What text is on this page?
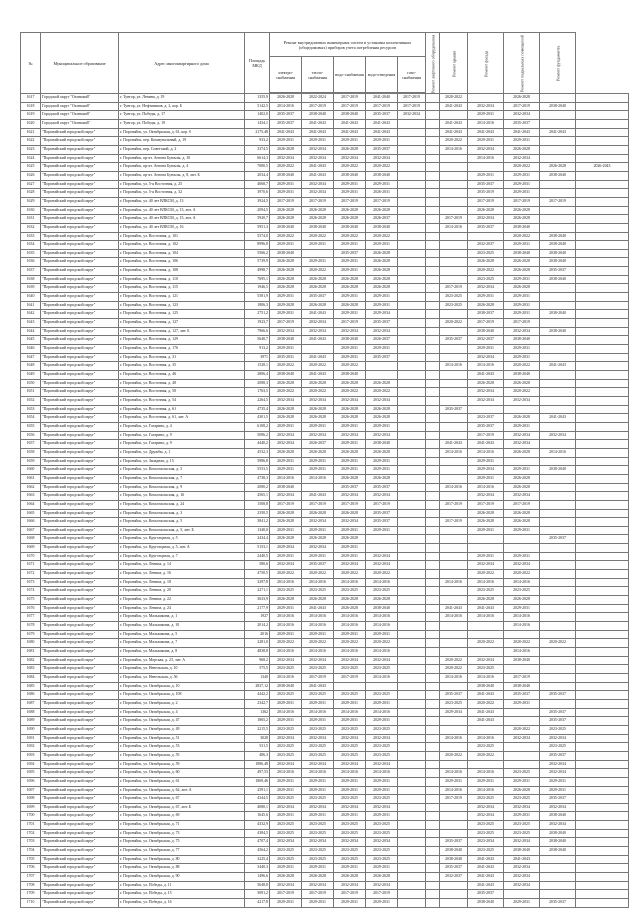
№	Муниципальное образование	Адрес многоквартирного дома	Площадь МКД	Ремонт внутридомовых инженерных систем и установка коллективных (общедомовых) приборов учета потребления ресурсов					Ремонт лифтового оборудования	Ремонт крыши	Ремонт фасада	Ремонт подвальных помещений	Ремонт фундамента	
				электро-снабжения	тепло-снабжения	водо-снабжения	водо-отведения	газо-снабжения						

1617	Городской округ "Охинский"	г. Тунгор, ул. Ленина, д. 19	1355,9	2026-2028	2022-2024	2017-2019	2041-2040	2017-2019		2020-2022		2026-2028		
1618	Городской округ "Охинский"	г. Тунгор, ул. Нефтяников, д. 2, кор. Б	5142,5	2014-2016	2017-2019	2017-2019	2017-2019	2017-2019		2041-2043	2032-2034	2017-2019	2038-2040	
1619	Городской округ "Охинский"	г. Тунгор, ул. Победы, д. 17	1402,0	2035-2037	2038-2040	2038-2040	2035-2037	2032-2034			2029-2031	2032-2034		
1620	Городской округ "Охинский"	г. Тунгор, ул. Победы, д. 19	1434,1	2035-2037	2041-2043	2041-2043	2041-2043			2041-2043	2014-2016	2035-2037		
1621	"Поронайский городской округ"	г. Поронайск, ул. Октябрьская, д. 61, кор. б	2175,48	2041-2043	2041-2043	2041-2043	2041-2043			2041-2043	2041-2043	2041-2043	2041-2043	
1622	"Поронайский городской округ"	г. Поронайск, пер. Коммунальный, д. 19	933,2	2029-2031	2029-2031	2029-2031	2029-2031			2020-2022	2029-2031	2029-2031		
1623	"Поронайский городской округ"	г. Поронайск, пер. Советский, д. 2	3374,5	2026-2028	2032-2034	2026-2028	2035-2037			2014-2016	2032-2034	2026-2028		
1624	"Поронайский городской округ"	г. Поронайск, пр-кт. Антона Буюклы, д. 10	6614,3	2032-2034	2032-2034	2032-2034	2032-2034				2014-2016	2032-2034		
1625	"Поронайский городской округ"	г. Поронайск, пр-кт. Антона Буюклы, д. 4	7080,5	2020-2022	2041-2043	2020-2022	2020-2022					2020-2022	2026-2028	2026-2043
1626	"Поронайский городской округ"	г. Поронайск, пр-кт. Антона Буюклы, д. 8, лит. Б	2034,4	2038-2040	2041-2043	2038-2040	2038-2040				2029-2031	2029-2031	2038-2040	
1627	"Поронайский городской округ"	г. Поронайск, ул. 5-я Восточная, д. 25	4068,7	2029-2031	2032-2034	2029-2031	2029-2031				2035-2037	2029-2031		
1628	"Поронайский городской округ"	г. Поронайск, ул. 5-я Восточная, д. 32	3970,6	2029-2031	2032-2034	2029-2031	2026-2031				2035-2019	2029-2031		
1629	"Поронайский городской округ"	г. Поронайск, ул. 40 лет ВЛКСМ, д. 13	3924,5	2017-2019	2017-2019	2017-2019	2017-2019				2017-2019	2017-2019	2017-2019	
1630	"Поронайский городской округ"	г. Поронайск, ул. 40 лет ВЛКСМ, д. 13, лит. А	2094,5	2026-2028	2026-2028	2026-2028	2026-2028				2026-2028	2026-2028		
1631	"Поронайский городской округ"	г. Поронайск, ул. 40 лет ВЛКСМ, д. 15, лит. А	5920,7	2026-2028	2026-2028	2026-2028	2026-2037			2017-2019	2032-2034	2026-2028		
1632	"Поронайский городской округ"	г. Поронайск, ул. 40 лет ВЛКСМ, д. 16	5951,3	2038-2040	2038-2040	2038-2040	2038-2040			2014-2016	2035-2037	2038-2040		
1633	"Поронайский городской округ"	г. Поронайск, ул. Восточная, д. 101	5574,0	2020-2022	2020-2022	2020-2022	2020-2022					2020-2022	2038-2040	
1634	"Поронайский городской округ"	г. Поронайск, ул. Восточная, д. 102	8996,8	2029-2031	2029-2031	2029-2031	2029-2031				2032-2037	2029-2031	2038-2040	
1635	"Поронайский городской округ"	г. Поронайск, ул. Восточная, д. 104	5566,2	2038-2040		2035-2037	2026-2028				2023-2025	2038-2040	2038-2040	
1636	"Поронайский городской округ"	г. Поронайск, ул. Восточная, д. 106	5739,9	2026-2028	2029-2031	2029-2031	2026-2028				2026-2028	2026-2028	2038-2040	
1637	"Поронайский городской округ"	г. Поронайск, ул. Восточная, д. 108	4998,7	2026-2028	2020-2022	2029-2031	2026-2028				2020-2022	2026-2028	2035-2037	
1638	"Поронайский городской округ"	г. Поронайск, ул. Восточная, д. 110	7695,1	2026-2028	2026-2028	2026-2028	2026-2028				2023-2025	2029-2031	2038-2040	
1639	"Поронайский городской округ"	г. Поронайск, ул. Восточная, д. 115	1946,5	2026-2028	2026-2028	2026-2028	2026-2028			2017-2019	2032-2034	2026-2028		
1640	"Поронайский городской округ"	г. Поронайск, ул. Восточная, д. 121	5581,9	2029-2031	2035-2037	2029-2031	2029-2031			2023-2025	2029-2031	2029-2031		
1641	"Поронайский городской округ"	г. Поронайск, ул. Восточная, д. 123	1806,3	2029-2028	2026-2028	2026-2028	2029-2031			2023-2025	2026-2028	2029-2031		
1642	"Поронайский городской округ"	г. Поронайск, ул. Восточная, д. 125	2751,2	2029-2031	2041-2043	2029-2031	2029-2034				2038-2037	2029-2031	2038-2040	
1643	"Поронайский городской округ"	г. Поронайск, ул. Восточная, д. 127	1923,7	2017-2019	2032-2034	2017-2019	2035-2037			2020-2022	2017-2019	2017-2019		
1644	"Поронайский городской округ"	г. Поронайск, ул. Восточная, д. 127, лит. Б	7966,6	2032-2034	2032-2034	2032-2034	2032-2034				2038-2040	2032-2034	2038-2040	
1645	"Поронайский городской округ"	г. Поронайск, ул. Восточная, д. 129	5640,7	2038-2040	2041-2043	2038-2040	2026-2037			2035-2037	2032-2037	2038-2040		
1646	"Поронайский городской округ"	г. Поронайск, ул. Восточная, д. 176	913,2	2029-2031		2029-2031	2029-2031				2029-2031	2029-2031		
1647	"Поронайский городской округ"	г. Поронайск, ул. Восточная, д. 31	3971	2035-2031	2041-2043	2029-2031	2035-2037				2032-2034	2029-2031		
1648	"Поронайский городской округ"	г. Поронайск, ул. Восточная, д. 35	1528,1	2020-2022	2020-2022	2020-2022				2014-2016	2014-2016	2020-2022	2041-2043	
1649	"Поронайский городской округ"	г. Поронайск, ул. Восточная, д. 46	2806,4	2038-2040	2041-2043	2038-2040					2041-2043	2038-2040		
1650	"Поронайский городской округ"	г. Поронайск, ул. Восточная, д. 48	2088,3	2026-2028	2026-2028	2026-2028	2026-2028				2026-2028	2026-2028		
1651	"Поронайский городской округ"	г. Поронайск, ул. Восточная, д. 50	1763,5	2020-2022	2020-2022	2020-2022	2020-2022				2032-2034	2020-2022		
1652	"Поронайский городской округ"	г. Поронайск, ул. Восточная, д. 54	2264,5	2032-2034	2032-2034	2032-2034	2032-2034				2032-2034	2032-2034		
1653	"Поронайский городской округ"	г. Поронайск, ул. Восточная, д. 61	4735,4	2026-2028	2026-2028	2026-2028	2026-2028			2035-2037				
1654	"Поронайский городской округ"	г. Поронайск, ул. Восточная, д. 61, лит. А	4301,5	2026-2028	2026-2028	2026-2028	2026-2028				2023-2037	2026-2028	2041-2043	
1655	"Поронайский городской округ"	г. Поронайск, ул. Гагарина, д. 4	6108,2	2029-2031	2029-2031	2029-2031	2029-2031				2035-2037	2029-2031		
1656	"Поронайский городской округ"	г. Поронайск, ул. Гагарина, д. 9	5086,2	2032-2034	2032-2034	2032-2034	2032-2034				2017-2019	2032-2034	2032-2034	
1657	"Поронайский городской округ"	г. Поронайск, ул. Гагарина, д. 9	4440,2	2032-2034	2026-2037	2029-2031	2038-2040			2041-2043	2041-2043	2032-2034		
1658	"Поронайский городской округ"	г. Поронайск, ул. Дружбы, д. 1	4532,3	2026-2028	2026-2028	2026-2028	2026-2028			2014-2016	2014-2016	2026-2028	2014-2016	
1659	"Поронайский городской округ"	г. Поронайск, ул. Западная, д. 15	5986,8	2029-2031	2029-2031	2029-2031	2029-2031				2029-2031			
1660	"Поронайский городской округ"	г. Поронайск, ул. Комсомольская, д. 5	5553,5	2029-2031	2029-2031	2029-2031	2029-2031				2029-2034	2029-2031	2038-2040	
1661	"Поронайский городской округ"	г. Поронайск, ул. Комсомольская, д. 7	4738,3	2014-2016	2014-2016	2026-2028	2026-2028				2029-2031	2026-2028		
1662	"Поронайский городской округ"	г. Поронайск, ул. Комсомольская, д. 9	2080,2	2038-2040		2035-2037	2035-2037			2014-2016	2014-2016	2026-2028		
1663	"Поронайский городской округ"	г. Поронайск, ул. Комсомольская, д. 16	4565,1	2032-2034	2041-2043	2032-2034	2032-2034				2032-2034	2032-2034		
1664	"Поронайский городской округ"	г. Поронайск, ул. Комсомольская, д. 24	1508,8	2017-2019	2017-2019	2017-2019	2017-2019			2017-2019	2017-2019	2017-2019		
1665	"Поронайский городской округ"	г. Поронайск, ул. Комсомольская, д. 3	2350,5	2026-2028	2026-2028	2026-2028	2035-2037				2026-2028	2026-2028		
1666	"Поронайский городской округ"	г. Поронайск, ул. Комсомольская, д. 5	3841,2	2026-2028	2032-2034	2032-2034	2035-2037			2017-2019	2026-2028	2026-2028		
1667	"Поронайский городской округ"	г. Поронайск, ул. Комсомольская, д. 5, лит. Б	1340,0	2029-2031	2029-2031	2029-2031	2029-2031				2029-2031	2029-2031		
1668	"Поронайский городской округ"	г. Поронайск, ул. Кругозорная, д. 5	2434,4	2026-2028	2026-2028	2026-2028							2035-2037	
1669	"Поронайский городской округ"	г. Поронайск, ул. Кругозорная, д. 5, лит. А	5153,1	2029-2034	2032-2034	2029-2031								
1670	"Поронайский городской округ"	г. Поронайск, ул. Кругозорная, д. 7	2440,5	2029-2031	2029-2031	2029-2031	2032-2034				2029-2031	2029-2031		
1671	"Поронайский городской округ"	г. Поронайск, ул. Ленина, д. 14	580,6	2032-2034	2035-2037	2032-2034	2032-2034				2032-2034	2032-2034		
1672	"Поронайский городской округ"	г. Поронайск, ул. Ленина, д. 16	4750,5	2020-2022	2020-2022	2020-2022	2020-2022				2020-2022	2020-2022		
1673	"Поронайский городской округ"	г. Поронайск, ул. Ленина, д. 18	3297,8	2014-2016	2014-2016	2014-2016	2014-2016			2014-2016	2014-2016	2014-2016		
1674	"Поронайский городской округ"	г. Поронайск, ул. Ленина, д. 20	2271,1	2023-2025	2023-2025	2023-2025	2023-2025				2023-2025	2023-2025		
1675	"Поронайский городской округ"	г. Поронайск, ул. Ленина, д. 22	3633,9	2026-2028	2026-2028	2026-2028	2026-2028				2026-2028	2026-2028		
1676	"Поронайский городской округ"	г. Поронайск, ул. Ленина, д. 24	2177,9	2029-2031	2041-2043	2026-2028	2038-2040			2041-2043	2041-2043	2029-2031		
1677	"Поронайский городской округ"	г. Поронайск, ул. Малышкина, д. 1	1927	2014-2016	2014-2016	2014-2016	2014-2016			2014-2016	2014-2016	2014-2016		
1678	"Поронайский городской округ"	г. Поронайск, ул. Малышкина, д. 10	2014,2	2014-2016	2014-2016	2014-2016	2014-2016					2014-2016		
1679	"Поронайский городской округ"	г. Поронайск, ул. Малышкина, д. 5	2016	2029-2031	2029-2031	2029-2031	2029-2031							
1680	"Поронайский городской округ"	г. Поронайск, ул. Малышкина, д. 7	2281,0	2020-2022	2020-2022	2020-2022	2020-2022				2020-2022	2020-2022	2020-2022	
1681	"Поронайский городской округ"	г. Поронайск, ул. Малышкина, д. 8	4838,8	2014-2016	2014-2016	2014-2016	2014-2016					2014-2016		
1682	"Поронайский городской округ"	г. Поронайск, ул. Морская, д. 23, лит. А	968,2	2032-2034	2032-2034	2032-2034	2032-2034			2020-2022	2032-2034	2038-2040		
1683	"Поронайский городской округ"	г. Поронайск, ул. Невельская, д. 10	575,5	2023-2025	2023-2025	2023-2025	2023-2025			2020-2022	2023-2025			
1684	"Поронайский городской округ"	г. Поронайск, ул. Невельская, д. 56	1340	2014-2016	2017-2019	2017-2019	2014-2016			2014-2016	2014-2016	2017-2019		
1685	"Поронайский городской округ"	г. Поронайск, ул. Октябрьская, д. 10	2837,12	2038-2040	2041-2043						2038-2040	2038-2040		
1686	"Поронайский городской округ"	г. Поронайск, ул. Октябрьская, д. 108	4442,2	2023-2025	2023-2025	2023-2025	2023-2025			2035-2037	2041-2043	2035-2037	2035-2037	
1687	"Поронайский городской округ"	г. Поронайск, ул. Октябрьская, д. 2	2342,7	2029-2031	2029-2031	2029-2031	2029-2031			2023-2025	2020-2022	2029-2031		
1688	"Поронайский городской округ"	г. Поронайск, ул. Октябрьская, д. 4	1362	2014-2016	2014-2016	2014-2016	2014-2016			2029-2034	2041-2043		2035-2037	
1689	"Поронайский городской округ"	г. Поронайск, ул. Октябрьская, д. 47	1865,2	2029-2031	2029-2031	2029-2031	2029-2031				2041-2043		2035-2037	
1690	"Поронайский городской округ"	г. Поронайск, ул. Октябрьская, д. 49	2215,5	2023-2025	2023-2025	2023-2025	2023-2025					2020-2022	2023-2025	
1691	"Поронайский городской округ"	г. Поронайск, ул. Октябрьская, д. 51	3028	2032-2034	2032-2034	2032-2034	2032-2034			2014-2016	2014-2016	2032-2034	2032-2034	
1692	"Поронайский городской округ"	г. Поронайск, ул. Октябрьская, д. 53	531,5	2023-2025	2023-2025	2023-2025	2023-2025				2023-2025		2023-2025	
1693	"Поронайский городской округ"	г. Поронайск, ул. Октябрьская, д. 55	486,3	2023-2025	2023-2025	2023-2025	2023-2025			2020-2022	2020-2022		2035-2037	
1694	"Поронайский городской округ"	г. Поронайск, ул. Октябрьская, д. 59	1886,48	2032-2034	2032-2034	2032-2034	2032-2034						2032-2034	
1695	"Поронайский городской округ"	г. Поронайск, ул. Октябрьская, д. 60	497,53	2014-2016	2014-2016	2014-2016	2014-2016			2014-2016	2014-2016	2023-2025	2032-2034	
1696	"Поронайский городской округ"	г. Поронайск, ул. Октябрьская, д. 61	1869,46	2029-2031	2029-2031	2029-2031	2029-2031			2029-2031	2029-2031	2029-2031	2029-2031	
1697	"Поронайский городской округ"	г. Поронайск, ул. Октябрьская, д. 62, лит. А	2591,1	2029-2031	2029-2031	2029-2031	2029-2031			2014-2016	2014-2016	2026-2028	2029-2031	
1698	"Поронайский городской округ"	г. Поронайск, ул. Октябрьская, д. 67	4344,5	2023-2025	2023-2025	2023-2025	2023-2025			2017-2019	2023-2025	2023-2025	2035-2037	
1699	"Поронайский городской округ"	г. Поронайск, ул. Октябрьская, д. 67, лит. Б	4080,1	2032-2034	2032-2034	2032-2034	2032-2034				2032-2034	2032-2034	2032-2034	
1700	"Поронайский городской округ"	г. Поронайск, ул. Октябрьская, д. 69	1645,6	2029-2031	2029-2031	2029-2031	2029-2031				2032-2034	2029-2031	2038-2040	
1701	"Поронайский городской округ"	г. Поронайск, ул. Октябрьская, д. 71	4332,9	2023-2025	2023-2025	2023-2025	2023-2025				2023-2025	2023-2025	2032-2034	
1702	"Поронайский городской округ"	г. Поронайск, ул. Октябрьская, д. 73	4384,5	2023-2025	2023-2025	2023-2025	2023-2025				2023-2025	2023-2025	2038-2040	
1703	"Поронайский городской округ"	г. Поронайск, ул. Октябрьская, д. 75	4707,4	2032-2034	2032-2034	2032-2034	2032-2034			2035-2037	2023-2034	2032-2034	2038-2040	
1704	"Поронайский городской округ"	г. Поронайск, ул. Октябрьская, д. 77	4564,2	2023-2025	2023-2025	2023-2025	2023-2025			2038-2040	2023-2025	2038-2040	2038-2040	
1705	"Поронайский городской округ"	г. Поронайск, ул. Октябрьская, д. 80	3225,4	2023-2025	2023-2025	2023-2025	2023-2025			2038-2040	2041-2043	2041-2043		
1706	"Поронайский городской округ"	г. Поронайск, ул. Октябрьская, д. 88	3440,3	2029-2031	2029-2031	2029-2031	2029-2031			2035-2037	2041-2043	2032-2034		
1707	"Поронайский городской округ"	г. Поронайск, ул. Октябрьская, д. 90	1496,6	2026-2028	2026-2028	2026-2028	2026-2028			2032-2037	2041-2043	2032-2034		
1708	"Поронайский городской округ"	г. Поронайск, ул. Победы, д. 11	5648,8	2032-2034	2032-2034	2032-2034	2032-2034				2041-2043	2032-2034		
1709	"Поронайский городской округ"	г. Поронайск, ул. Победы, д. 15	3091,2	2017-2019	2017-2019	2017-2019	2017-2019				2035-2037			
1710	"Поронайский городской округ"	г. Поронайск, ул. Победы, д. 16	4217,8	2029-2031	2029-2031	2029-2031	2029-2031				2038-2040	2029-2031	2035-2037	
